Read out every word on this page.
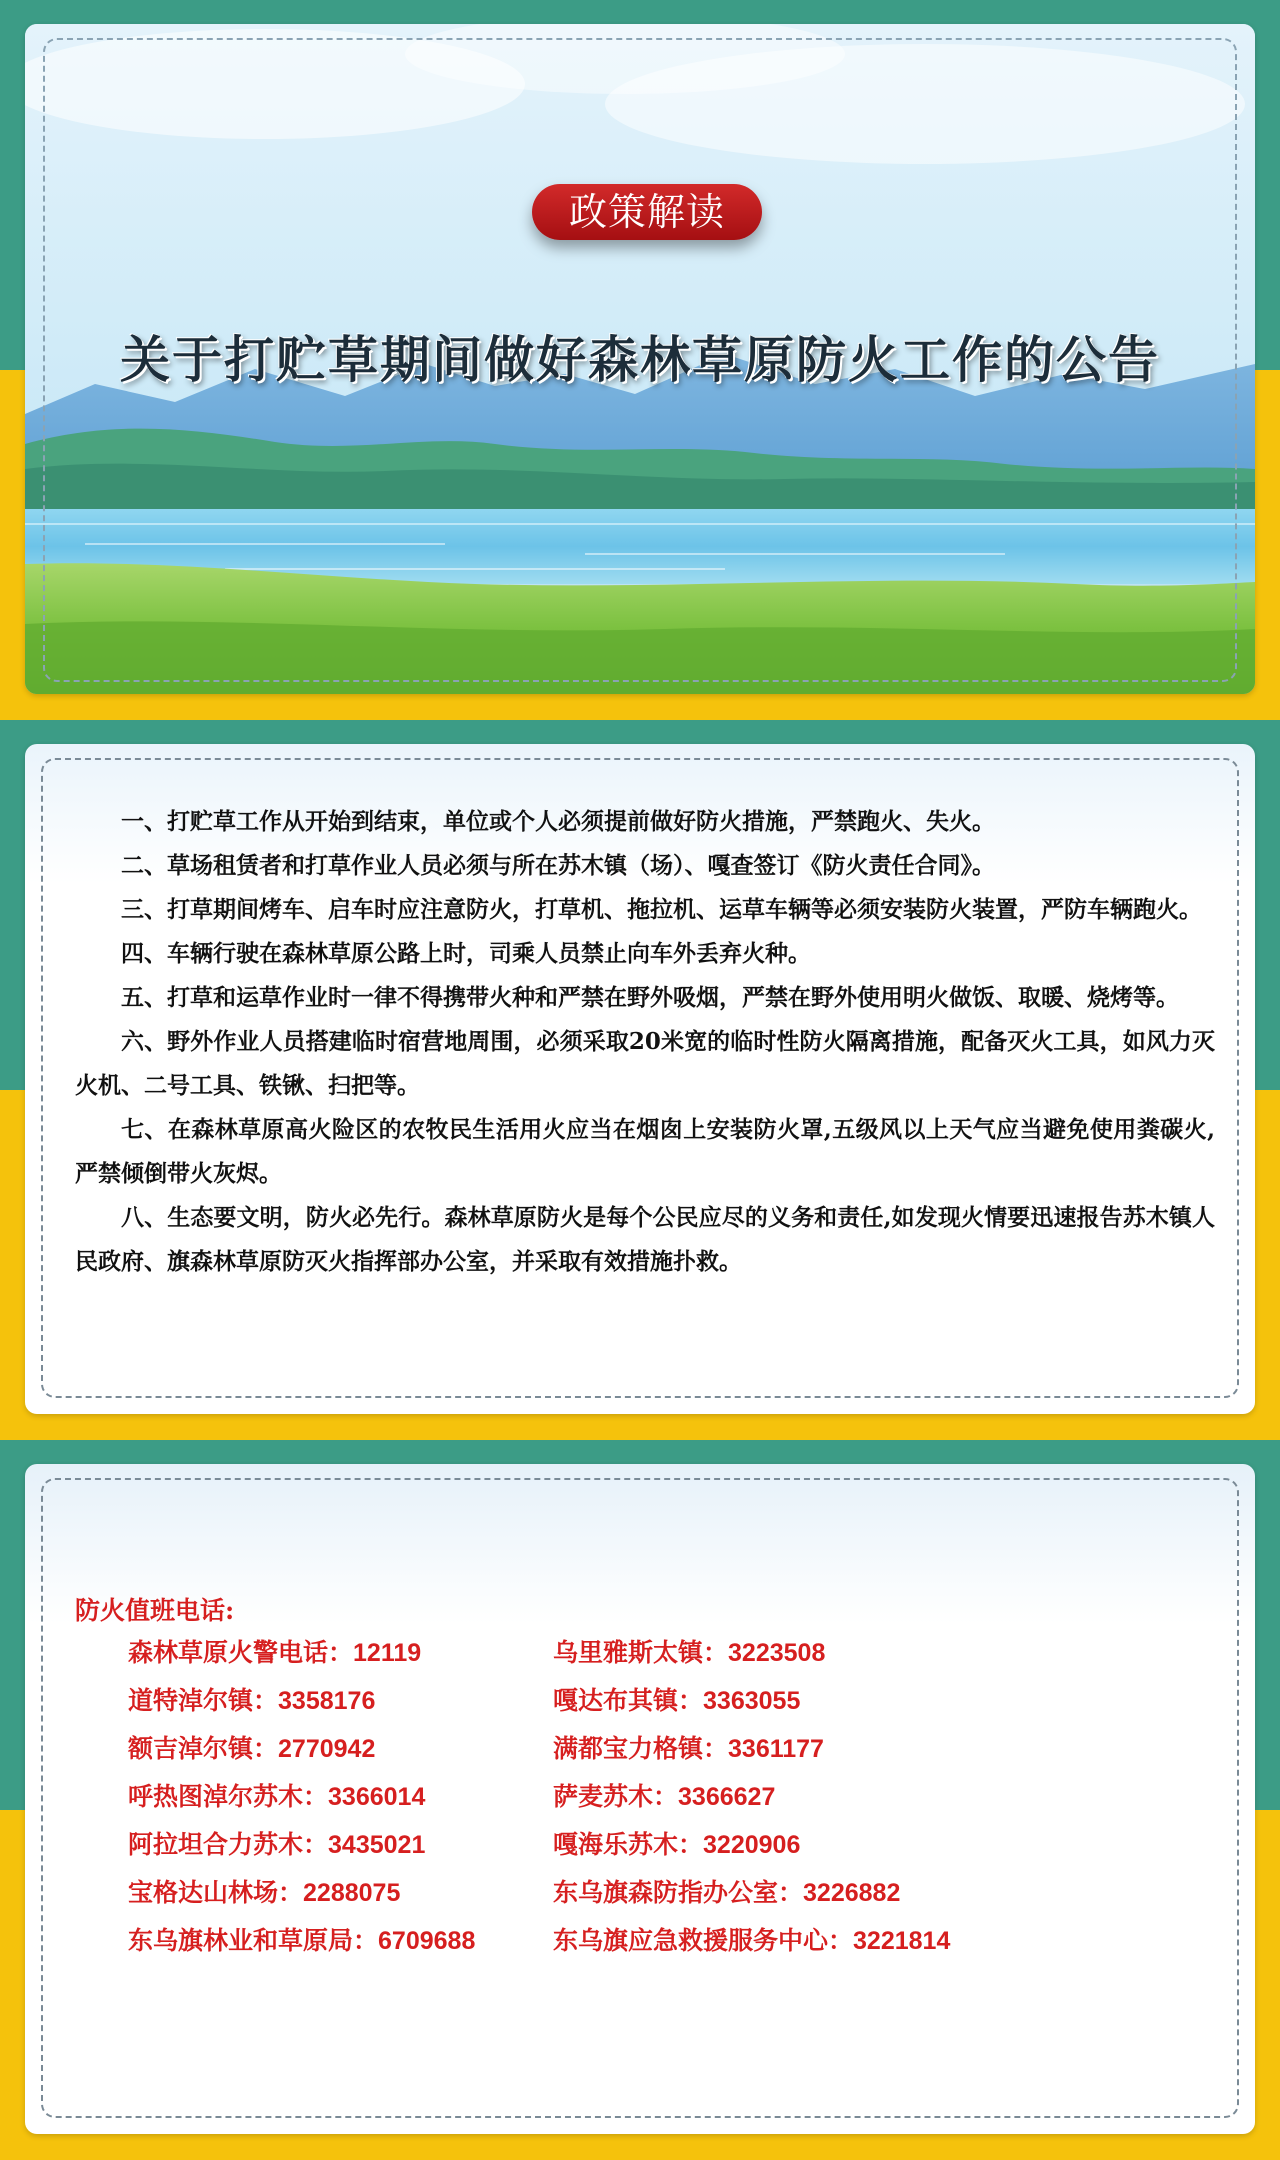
政策解读
关于打贮草期间做好森林草原防火工作的公告

一、打贮草工作从开始到结束，单位或个人必须提前做好防火措施，严禁跑火、失火。

二、草场租赁者和打草作业人员必须与所在苏木镇（场）、嘎查签订《防火责任合同》。

三、打草期间烤车、启车时应注意防火，打草机、拖拉机、运草车辆等必须安装防火装置，严防车辆跑火。

四、车辆行驶在森林草原公路上时，司乘人员禁止向车外丢弃火种。

五、打草和运草作业时一律不得携带火种和严禁在野外吸烟，严禁在野外使用明火做饭、取暖、烧烤等。

六、野外作业人员搭建临时宿营地周围，必须采取20米宽的临时性防火隔离措施，配备灭火工具，如风力灭火机、二号工具、铁锹、扫把等。

七、在森林草原高火险区的农牧民生活用火应当在烟囱上安装防火罩,五级风以上天气应当避免使用粪碳火,严禁倾倒带火灰烬。

八、生态要文明，防火必先行。森林草原防火是每个公民应尽的义务和责任,如发现火情要迅速报告苏木镇人民政府、旗森林草原防灭火指挥部办公室，并采取有效措施扑救。

防火值班电话:
森林草原火警电话：12119	乌里雅斯太镇：3223508
道特淖尔镇：3358176	嘎达布其镇：3363055
额吉淖尔镇：2770942	满都宝力格镇：3361177
呼热图淖尔苏木：3366014	萨麦苏木：3366627
阿拉坦合力苏木：3435021	嘎海乐苏木：3220906
宝格达山林场：2288075	东乌旗森防指办公室：3226882
东乌旗林业和草原局：6709688	东乌旗应急救援服务中心：3221814
